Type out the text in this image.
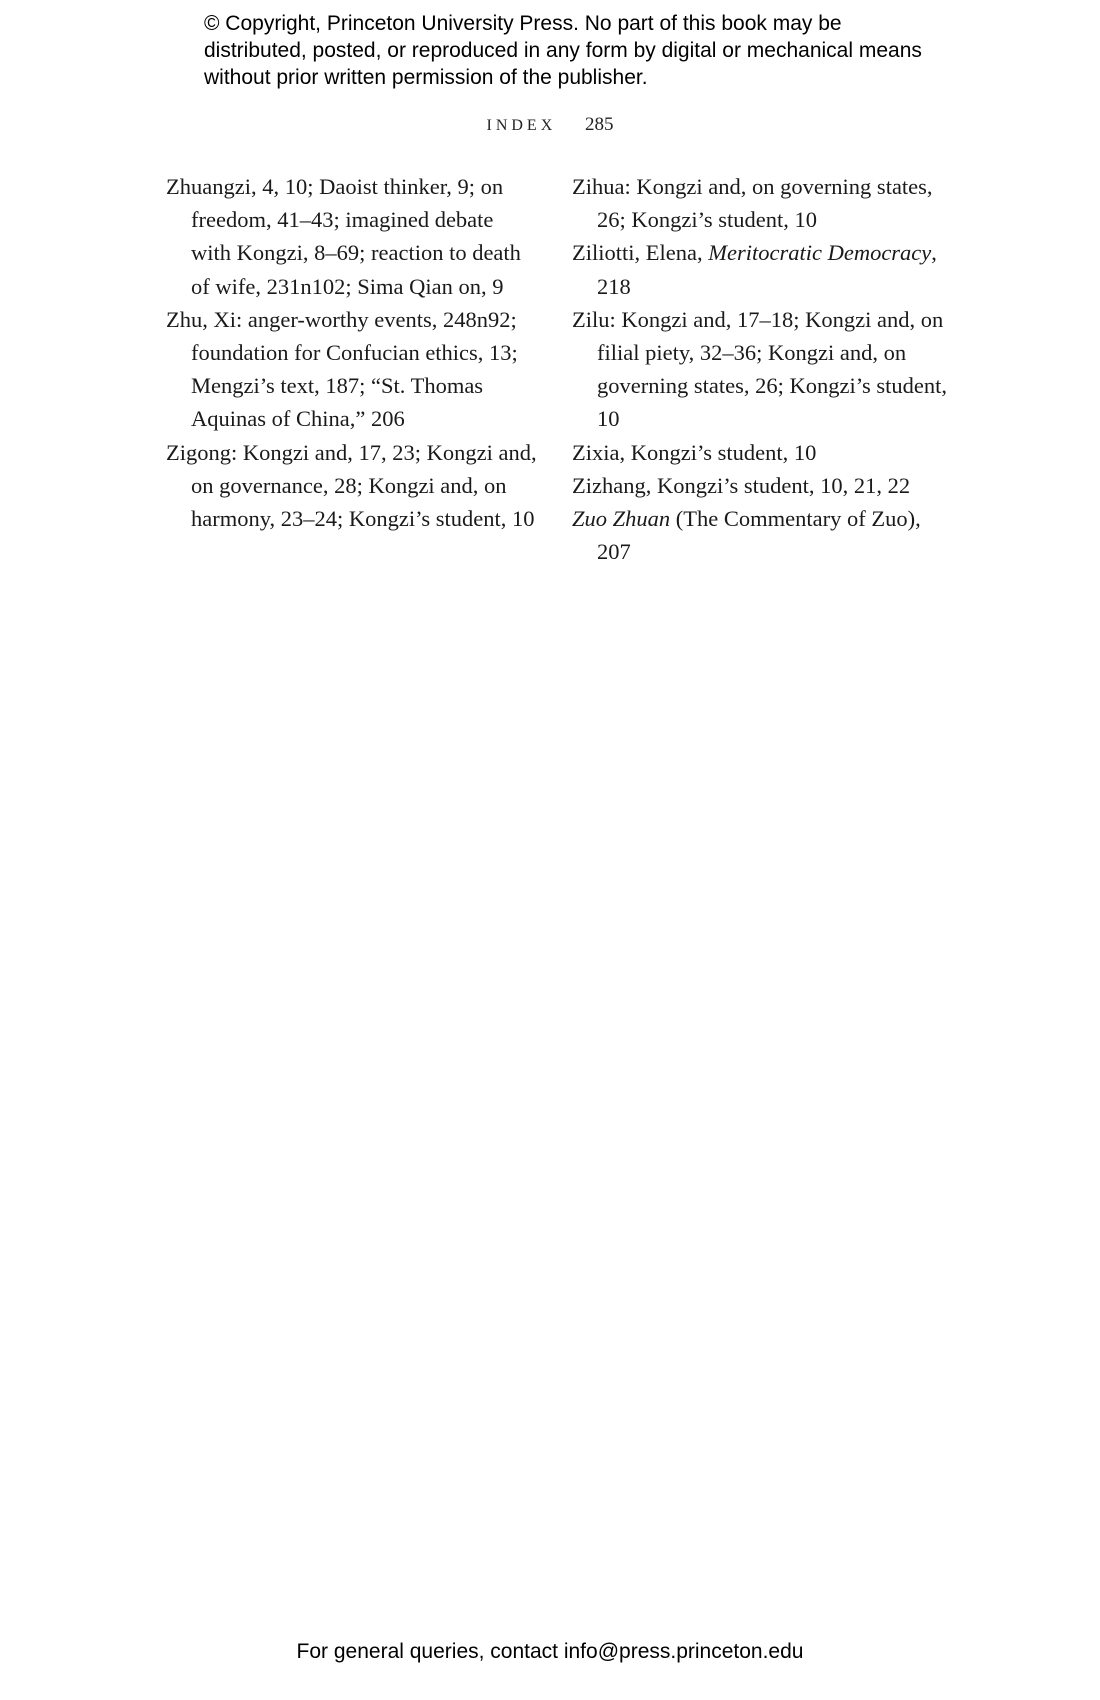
© Copyright, Princeton University Press. No part of this book may be distributed, posted, or reproduced in any form by digital or mechanical means without prior written permission of the publisher.

INDEX 285

Zhuangzi, 4, 10; Daoist thinker, 9; on freedom, 41–43; imagined debate with Kongzi, 8–69; reaction to death of wife, 231n102; Sima Qian on, 9

Zhu, Xi: anger-worthy events, 248n92; foundation for Confucian ethics, 13; Mengzi’s text, 187; “St. Thomas Aquinas of China,” 206

Zigong: Kongzi and, 17, 23; Kongzi and, on governance, 28; Kongzi and, on harmony, 23–24; Kongzi’s student, 10

Zihua: Kongzi and, on governing states, 26; Kongzi’s student, 10

Ziliotti, Elena, Meritocratic Democracy, 218

Zilu: Kongzi and, 17–18; Kongzi and, on filial piety, 32–36; Kongzi and, on governing states, 26; Kongzi’s student, 10

Zixia, Kongzi’s student, 10

Zizhang, Kongzi’s student, 10, 21, 22

Zuo Zhuan (The Commentary of Zuo), 207

For general queries, contact info@press.princeton.edu
